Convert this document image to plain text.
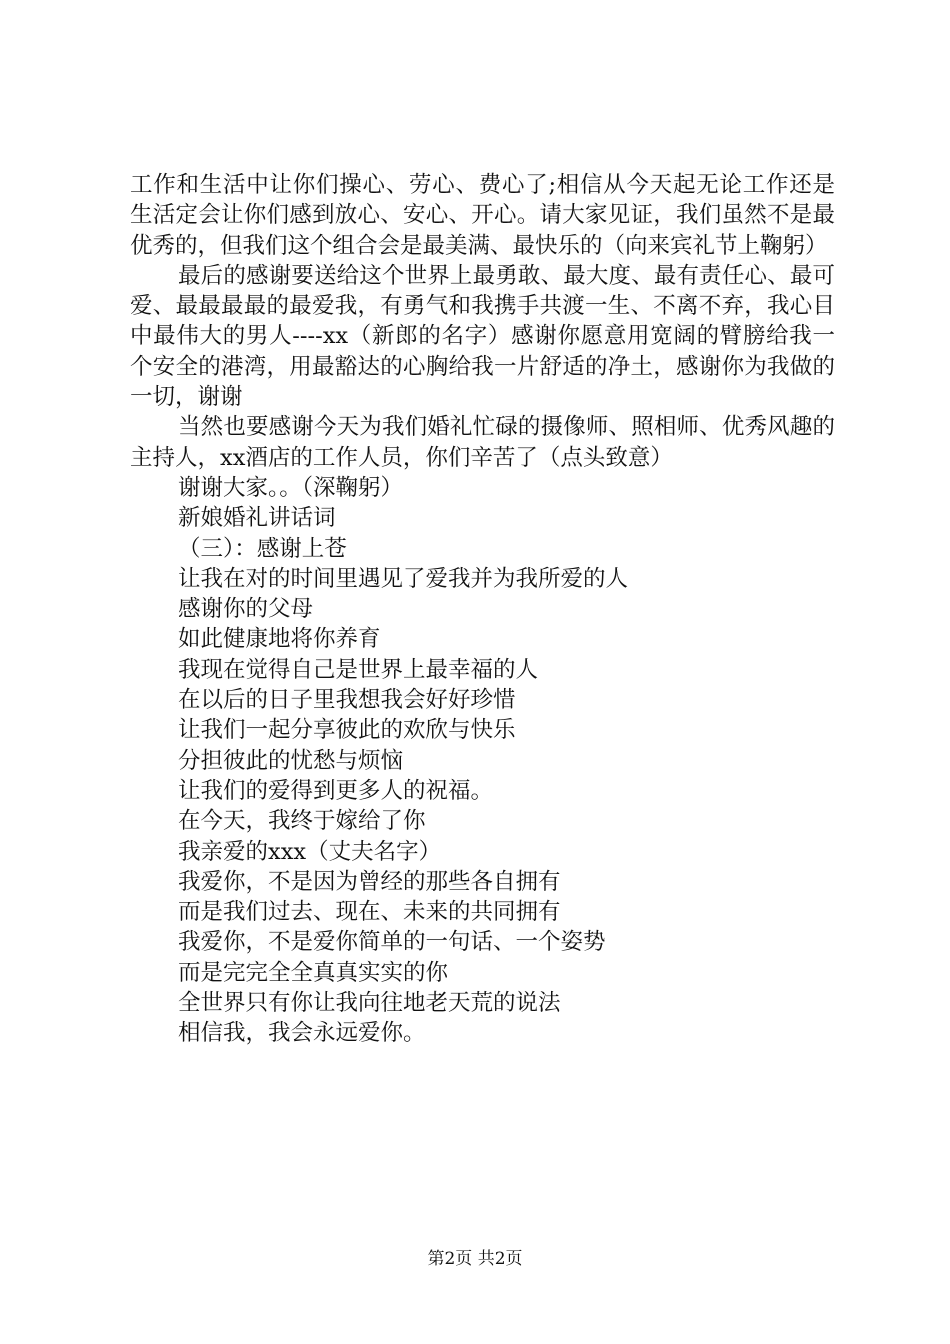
工作和生活中让你们操心、劳心、费心了;相信从今天起无论工作还是生活定会让你们感到放心、安心、开心。请大家见证，我们虽然不是最优秀的，但我们这个组合会是最美满、最快乐的（向来宾礼节上鞠躬）

最后的感谢要送给这个世界上最勇敢、最大度、最有责任心、最可爱、最最最最的最爱我，有勇气和我携手共渡一生、不离不弃，我心目中最伟大的男人----xx（新郎的名字）感谢你愿意用宽阔的臂膀给我一个安全的港湾，用最豁达的心胸给我一片舒适的净土，感谢你为我做的一切，谢谢

当然也要感谢今天为我们婚礼忙碌的摄像师、照相师、优秀风趣的主持人，xx酒店的工作人员，你们辛苦了（点头致意）

谢谢大家。。（深鞠躬）

新娘婚礼讲话词

（三）：感谢上苍

让我在对的时间里遇见了爱我并为我所爱的人

感谢你的父母

如此健康地将你养育

我现在觉得自己是世界上最幸福的人

在以后的日子里我想我会好好珍惜

让我们一起分享彼此的欢欣与快乐

分担彼此的忧愁与烦恼

让我们的爱得到更多人的祝福。

在今天，我终于嫁给了你

我亲爱的xxx（丈夫名字）

我爱你，不是因为曾经的那些各自拥有

而是我们过去、现在、未来的共同拥有

我爱你，不是爱你简单的一句话、一个姿势

而是完完全全真真实实的你

全世界只有你让我向往地老天荒的说法

相信我，我会永远爱你。

第2页 共2页
